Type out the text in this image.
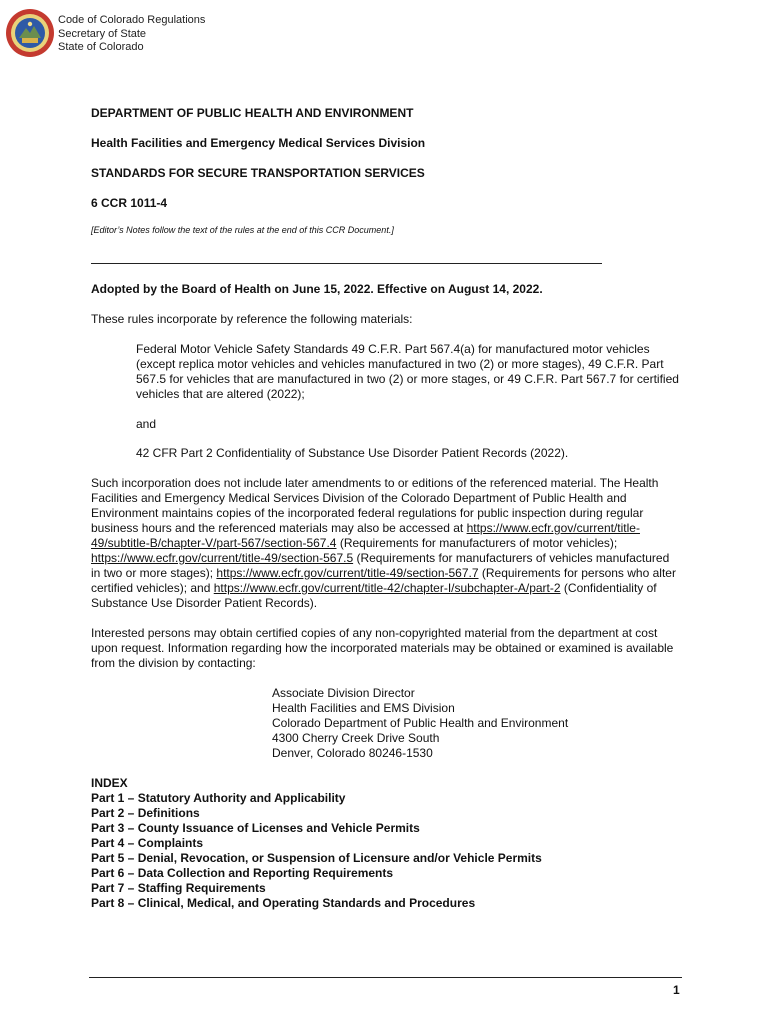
Code of Colorado Regulations
Secretary of State
State of Colorado

DEPARTMENT OF PUBLIC HEALTH AND ENVIRONMENT

Health Facilities and Emergency Medical Services Division

STANDARDS FOR SECURE TRANSPORTATION SERVICES

6 CCR 1011-4

[Editor’s Notes follow the text of the rules at the end of this CCR Document.]

Adopted by the Board of Health on June 15, 2022. Effective on August 14, 2022.

These rules incorporate by reference the following materials:

Federal Motor Vehicle Safety Standards 49 C.F.R. Part 567.4(a) for manufactured motor vehicles (except replica motor vehicles and vehicles manufactured in two (2) or more stages), 49 C.F.R. Part 567.5 for vehicles that are manufactured in two (2) or more stages, or 49 C.F.R. Part 567.7 for certified vehicles that are altered (2022);

and

42 CFR Part 2 Confidentiality of Substance Use Disorder Patient Records (2022).

Such incorporation does not include later amendments to or editions of the referenced material. The Health Facilities and Emergency Medical Services Division of the Colorado Department of Public Health and Environment maintains copies of the incorporated federal regulations for public inspection during regular business hours and the referenced materials may also be accessed at https://www.ecfr.gov/current/title-49/subtitle-B/chapter-V/part-567/section-567.4 (Requirements for manufacturers of motor vehicles); https://www.ecfr.gov/current/title-49/section-567.5 (Requirements for manufacturers of vehicles manufactured in two or more stages); https://www.ecfr.gov/current/title-49/section-567.7 (Requirements for persons who alter certified vehicles); and https://www.ecfr.gov/current/title-42/chapter-I/subchapter-A/part-2 (Confidentiality of Substance Use Disorder Patient Records).

Interested persons may obtain certified copies of any non-copyrighted material from the department at cost upon request. Information regarding how the incorporated materials may be obtained or examined is available from the division by contacting:

Associate Division Director
Health Facilities and EMS Division
Colorado Department of Public Health and Environment
4300 Cherry Creek Drive South
Denver, Colorado 80246-1530
INDEX
Part 1 – Statutory Authority and Applicability
Part 2 – Definitions
Part 3 – County Issuance of Licenses and Vehicle Permits
Part 4 – Complaints
Part 5 – Denial, Revocation, or Suspension of Licensure and/or Vehicle Permits
Part 6 – Data Collection and Reporting Requirements
Part 7 – Staffing Requirements
Part 8 – Clinical, Medical, and Operating Standards and Procedures
1
